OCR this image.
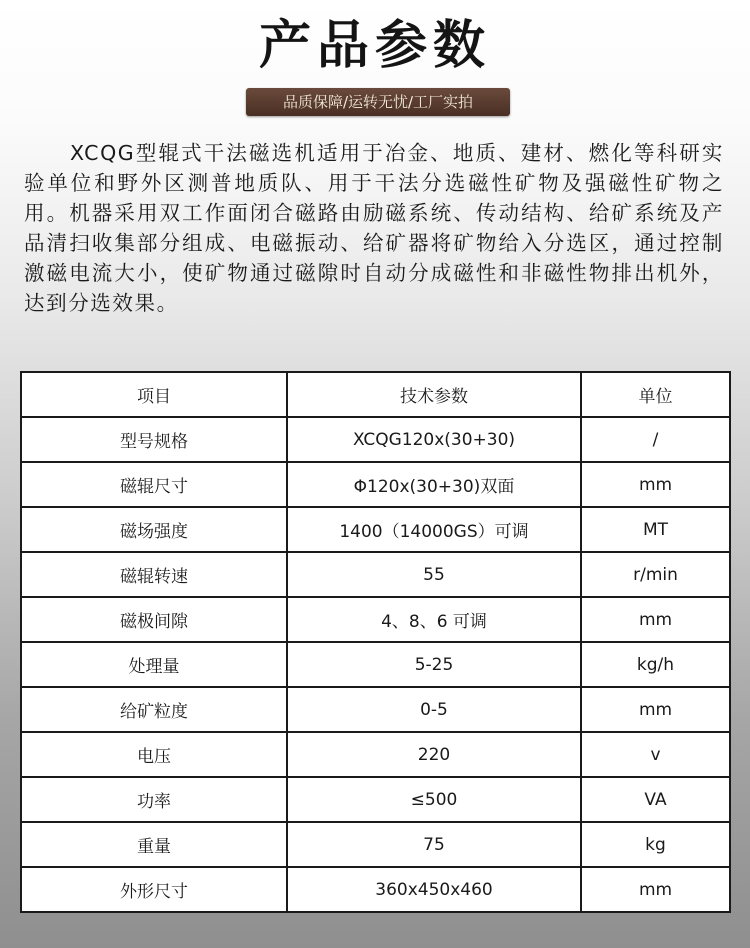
产品参数
品质保障/运转无忧/工厂实拍
XCQG型辊式干法磁选机适用于冶金、地质、建材、燃化等科研实验单位和野外区测普地质队、用于干法分选磁性矿物及强磁性矿物之用。机器采用双工作面闭合磁路由励磁系统、传动结构、给矿系统及产品清扫收集部分组成、电磁振动、给矿器将矿物给入分选区，通过控制激磁电流大小，使矿物通过磁隙时自动分成磁性和非磁性物排出机外，达到分选效果。
项目	技术参数	单位
型号规格	XCQG120x(30+30)	/
磁辊尺寸	Φ120x(30+30)双面	mm
磁场强度	1400（14000GS）可调	MT
磁辊转速	55	r/min
磁极间隙	4、8、6 可调	mm
处理量	5-25	kg/h
给矿粒度	0-5	mm
电压	220	v
功率	≤500	VA
重量	75	kg
外形尺寸	360x450x460	mm
